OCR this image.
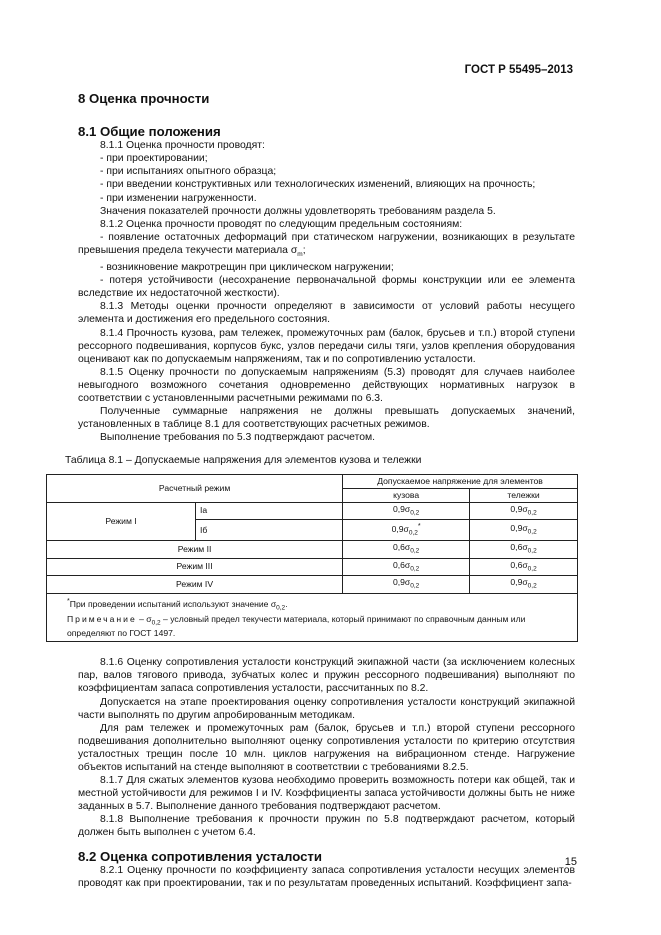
ГОСТ Р 55495–2013
8 Оценка прочности
8.1 Общие положения

8.1.1 Оценка прочности проводят:

- при проектировании;

- при испытаниях опытного образца;

- при введении конструктивных или технологических изменений, влияющих на прочность;

- при изменении нагруженности.

Значения показателей прочности должны удовлетворять требованиям раздела 5.

8.1.2 Оценка прочности проводят по следующим предельным состояниям:

- появление остаточных деформаций при статическом нагружении, возникающих в результате превышения предела текучести материала $\sigma_m$;

- возникновение макротрещин при циклическом нагружении;

- потеря устойчивости (несохранение первоначальной формы конструкции или ее элемента вследствие их недостаточной жесткости).

8.1.3 Методы оценки прочности определяют в зависимости от условий работы несущего элемента и достижения его предельного состояния.

8.1.4 Прочность кузова, рам тележек, промежуточных рам (балок, брусьев и т.п.) второй ступени рессорного подвешивания, корпусов букс, узлов передачи силы тяги, узлов крепления оборудования оценивают как по допускаемым напряжениям, так и по сопротивлению усталости.

8.1.5 Оценку прочности по допускаемым напряжениям (5.3) проводят для случаев наиболее невыгодного возможного сочетания одновременно действующих нормативных нагрузок в соответствии с установленными расчетными режимами по 6.3.

Полученные суммарные напряжения не должны превышать допускаемых значений, установленных в таблице 8.1 для соответствующих расчетных режимов.

Выполнение требования по 5.3 подтверждают расчетом.

Таблица 8.1 – Допускаемые напряжения для элементов кузова и тележки
Расчетный режим		Допускаемое напряжение для элементов	
		кузова	тележки
Режим I	Iа	$0,9\sigma_{0,2}$	$0,9\sigma_{0,2}$
	Iб	$0,9\sigma_{0,2}^*$	$0,9\sigma_{0,2}$
Режим II		$0,6\sigma_{0,2}$	$0,6\sigma_{0,2}$
Режим III		$0,6\sigma_{0,2}$	$0,6\sigma_{0,2}$
Режим IV		$0,9\sigma_{0,2}$	$0,9\sigma_{0,2}$

*При проведении испытаний используют значение $\sigma_{0,2}$.
Примечание – $\sigma_{0,2}$ – условный предел текучести материала, который принимают по справочным данным или определяют по ГОСТ 1497.			

8.1.6 Оценку сопротивления усталости конструкций экипажной части (за исключением колесных пар, валов тягового привода, зубчатых колес и пружин рессорного подвешивания) выполняют по коэффициентам запаса сопротивления усталости, рассчитанных по 8.2.

Допускается на этапе проектирования оценку сопротивления усталости конструкций экипажной части выполнять по другим апробированным методикам.

Для рам тележек и промежуточных рам (балок, брусьев и т.п.) второй ступени рессорного подвешивания дополнительно выполняют оценку сопротивления усталости по критерию отсутствия усталостных трещин после 10 млн. циклов нагружения на вибрационном стенде. Нагружение объектов испытаний на стенде выполняют в соответствии с требованиями 8.2.5.

8.1.7 Для сжатых элементов кузова необходимо проверить возможность потери как общей, так и местной устойчивости для режимов I и IV. Коэффициенты запаса устойчивости должны быть не ниже заданных в 5.7. Выполнение данного требования подтверждают расчетом.

8.1.8 Выполнение требования к прочности пружин по 5.8 подтверждают расчетом, который должен быть выполнен с учетом 6.4.

8.2 Оценка сопротивления усталости

8.2.1 Оценку прочности по коэффициенту запаса сопротивления усталости несущих элементов проводят как при проектировании, так и по результатам проведенных испытаний. Коэффициент запа-

15
